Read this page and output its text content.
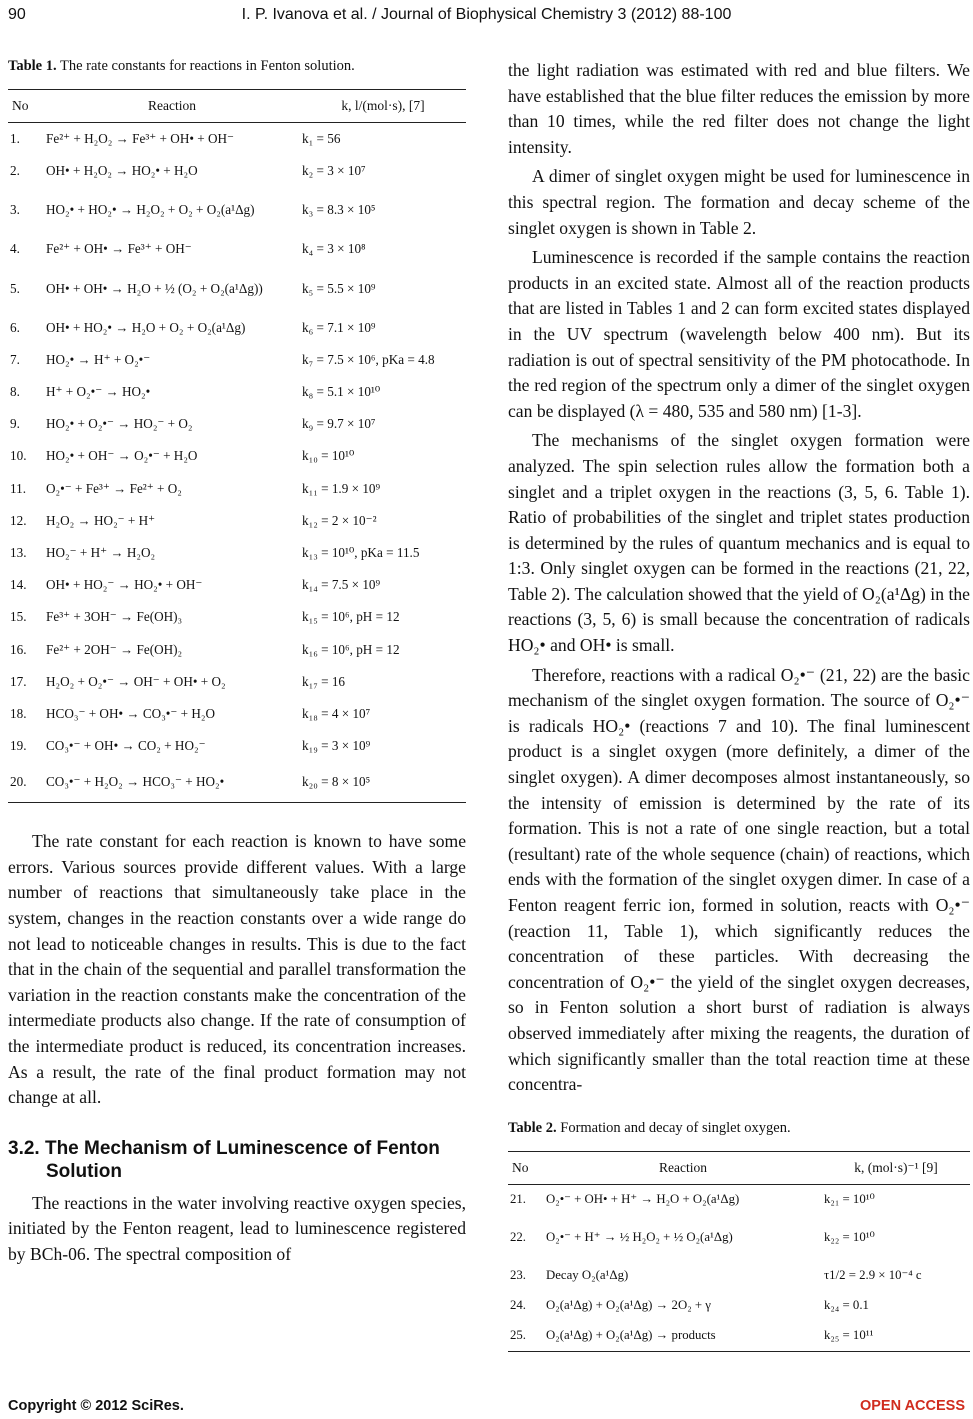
90	I. P. Ivanova et al. / Journal of Biophysical Chemistry 3 (2012) 88-100
Table 1. The rate constants for reactions in Fenton solution.
No	Reaction	k, l/(mol·s), [7]
1.	Fe²⁺ + H₂O₂ → Fe³⁺ + OH• + OH⁻	k₁ = 56
2.	OH• + H₂O₂ → HO₂• + H₂O	k₂ = 3 × 10⁷
3.	HO₂• + HO₂• → H₂O₂ + O₂ + O₂(a¹Δg)	k₃ = 8.3 × 10⁵
4.	Fe²⁺ + OH• → Fe³⁺ + OH⁻	k₄ = 3 × 10⁸
5.	OH• + OH• → H₂O + ½ (O₂ + O₂(a¹Δg))	k₅ = 5.5 × 10⁹
6.	OH• + HO₂• → H₂O + O₂ + O₂(a¹Δg)	k₆ = 7.1 × 10⁹
7.	HO₂• → H⁺ + O₂•⁻	k₇ = 7.5 × 10⁶, pKa = 4.8
8.	H⁺ + O₂•⁻ → HO₂•	k₈ = 5.1 × 10¹⁰
9.	HO₂• + O₂•⁻ → HO₂⁻ + O₂	k₉ = 9.7 × 10⁷
10.	HO₂• + OH⁻ → O₂•⁻ + H₂O	k₁₀ = 10¹⁰
11.	O₂•⁻ + Fe³⁺ → Fe²⁺ + O₂	k₁₁ = 1.9 × 10⁹
12.	H₂O₂ → HO₂⁻ + H⁺	k₁₂ = 2 × 10⁻²
13.	HO₂⁻ + H⁺ → H₂O₂	k₁₃ = 10¹⁰, pKa = 11.5
14.	OH• + HO₂⁻ → HO₂• + OH⁻	k₁₄ = 7.5 × 10⁹
15.	Fe³⁺ + 3OH⁻ → Fe(OH)₃	k₁₅ = 10⁶, pH = 12
16.	Fe²⁺ + 2OH⁻ → Fe(OH)₂	k₁₆ = 10⁶, pH = 12
17.	H₂O₂ + O₂•⁻ → OH⁻ + OH• + O₂	k₁₇ = 16
18.	HCO₃⁻ + OH• → CO₃•⁻ + H₂O	k₁₈ = 4 × 10⁷
19.	CO₃•⁻ + OH• → CO₂ + HO₂⁻	k₁₉ = 3 × 10⁹
20.	CO₃•⁻ + H₂O₂ → HCO₃⁻ + HO₂•	k₂₀ = 8 × 10⁵

The rate constant for each reaction is known to have some errors. Various sources provide different values. With a large number of reactions that simultaneously take place in the system, changes in the reaction constants over a wide range do not lead to noticeable changes in results. This is due to the fact that in the chain of the sequential and parallel transformation the variation in the reaction constants make the concentration of the intermediate products also change. If the rate of consumption of the intermediate product is reduced, its concentration increases. As a result, the rate of the final product formation may not change at all.

3.2. The Mechanism of Luminescence of Fenton Solution

The reactions in the water involving reactive oxygen species, initiated by the Fenton reagent, lead to luminescence registered by BCh-06. The spectral composition of

the light radiation was estimated with red and blue filters. We have established that the blue filter reduces the emission by more than 10 times, while the red filter does not change the light intensity.

A dimer of singlet oxygen might be used for luminescence in this spectral region. The formation and decay scheme of the singlet oxygen is shown in Table 2.

Luminescence is recorded if the sample contains the reaction products in an excited state. Almost all of the reaction products that are listed in Tables 1 and 2 can form excited states displayed in the UV spectrum (wavelength below 400 nm). But its radiation is out of spectral sensitivity of the PM photocathode. In the red region of the spectrum only a dimer of the singlet oxygen can be displayed (λ = 480, 535 and 580 nm) [1-3].

The mechanisms of the singlet oxygen formation were analyzed. The spin selection rules allow the formation both a singlet and a triplet oxygen in the reactions (3, 5, 6. Table 1). Ratio of probabilities of the singlet and triplet states production is determined by the rules of quantum mechanics and is equal to 1:3. Only singlet oxygen can be formed in the reactions (21, 22, Table 2). The calculation showed that the yield of O₂(a¹Δg) in the reactions (3, 5, 6) is small because the concentration of radicals HO₂• and OH• is small.

Therefore, reactions with a radical O₂•⁻ (21, 22) are the basic mechanism of the singlet oxygen formation. The source of O₂•⁻ is radicals HO₂• (reactions 7 and 10). The final luminescent product is a singlet oxygen (more definitely, a dimer of the singlet oxygen). A dimer decomposes almost instantaneously, so the intensity of emission is determined by the rate of its formation. This is not a rate of one single reaction, but a total (resultant) rate of the whole sequence (chain) of reactions, which ends with the formation of the singlet oxygen dimer. In case of a Fenton reagent ferric ion, formed in solution, reacts with O₂•⁻ (reaction 11, Table 1), which significantly reduces the concentration of these particles. With decreasing the concentration of O₂•⁻ the yield of the singlet oxygen decreases, so in Fenton solution a short burst of radiation is always observed immediately after mixing the reagents, the duration of which significantly smaller than the total reaction time at these concentra-

Table 2. Formation and decay of singlet oxygen.
No	Reaction	k, (mol·s)⁻¹ [9]
21.	O₂•⁻ + OH• + H⁺ → H₂O + O₂(a¹Δg)	k₂₁ = 10¹⁰
22.	O₂•⁻ + H⁺ → ½ H₂O₂ + ½ O₂(a¹Δg)	k₂₂ = 10¹⁰
23.	Decay O₂(a¹Δg)	τ1/2 = 2.9 × 10⁻⁴ c
24.	O₂(a¹Δg) + O₂(a¹Δg) → 2O₂ + γ	k₂₄ = 0.1
25.	O₂(a¹Δg) + O₂(a¹Δg) → products	k₂₅ = 10¹¹
Copyright © 2012 SciRes.	OPEN ACCESS
